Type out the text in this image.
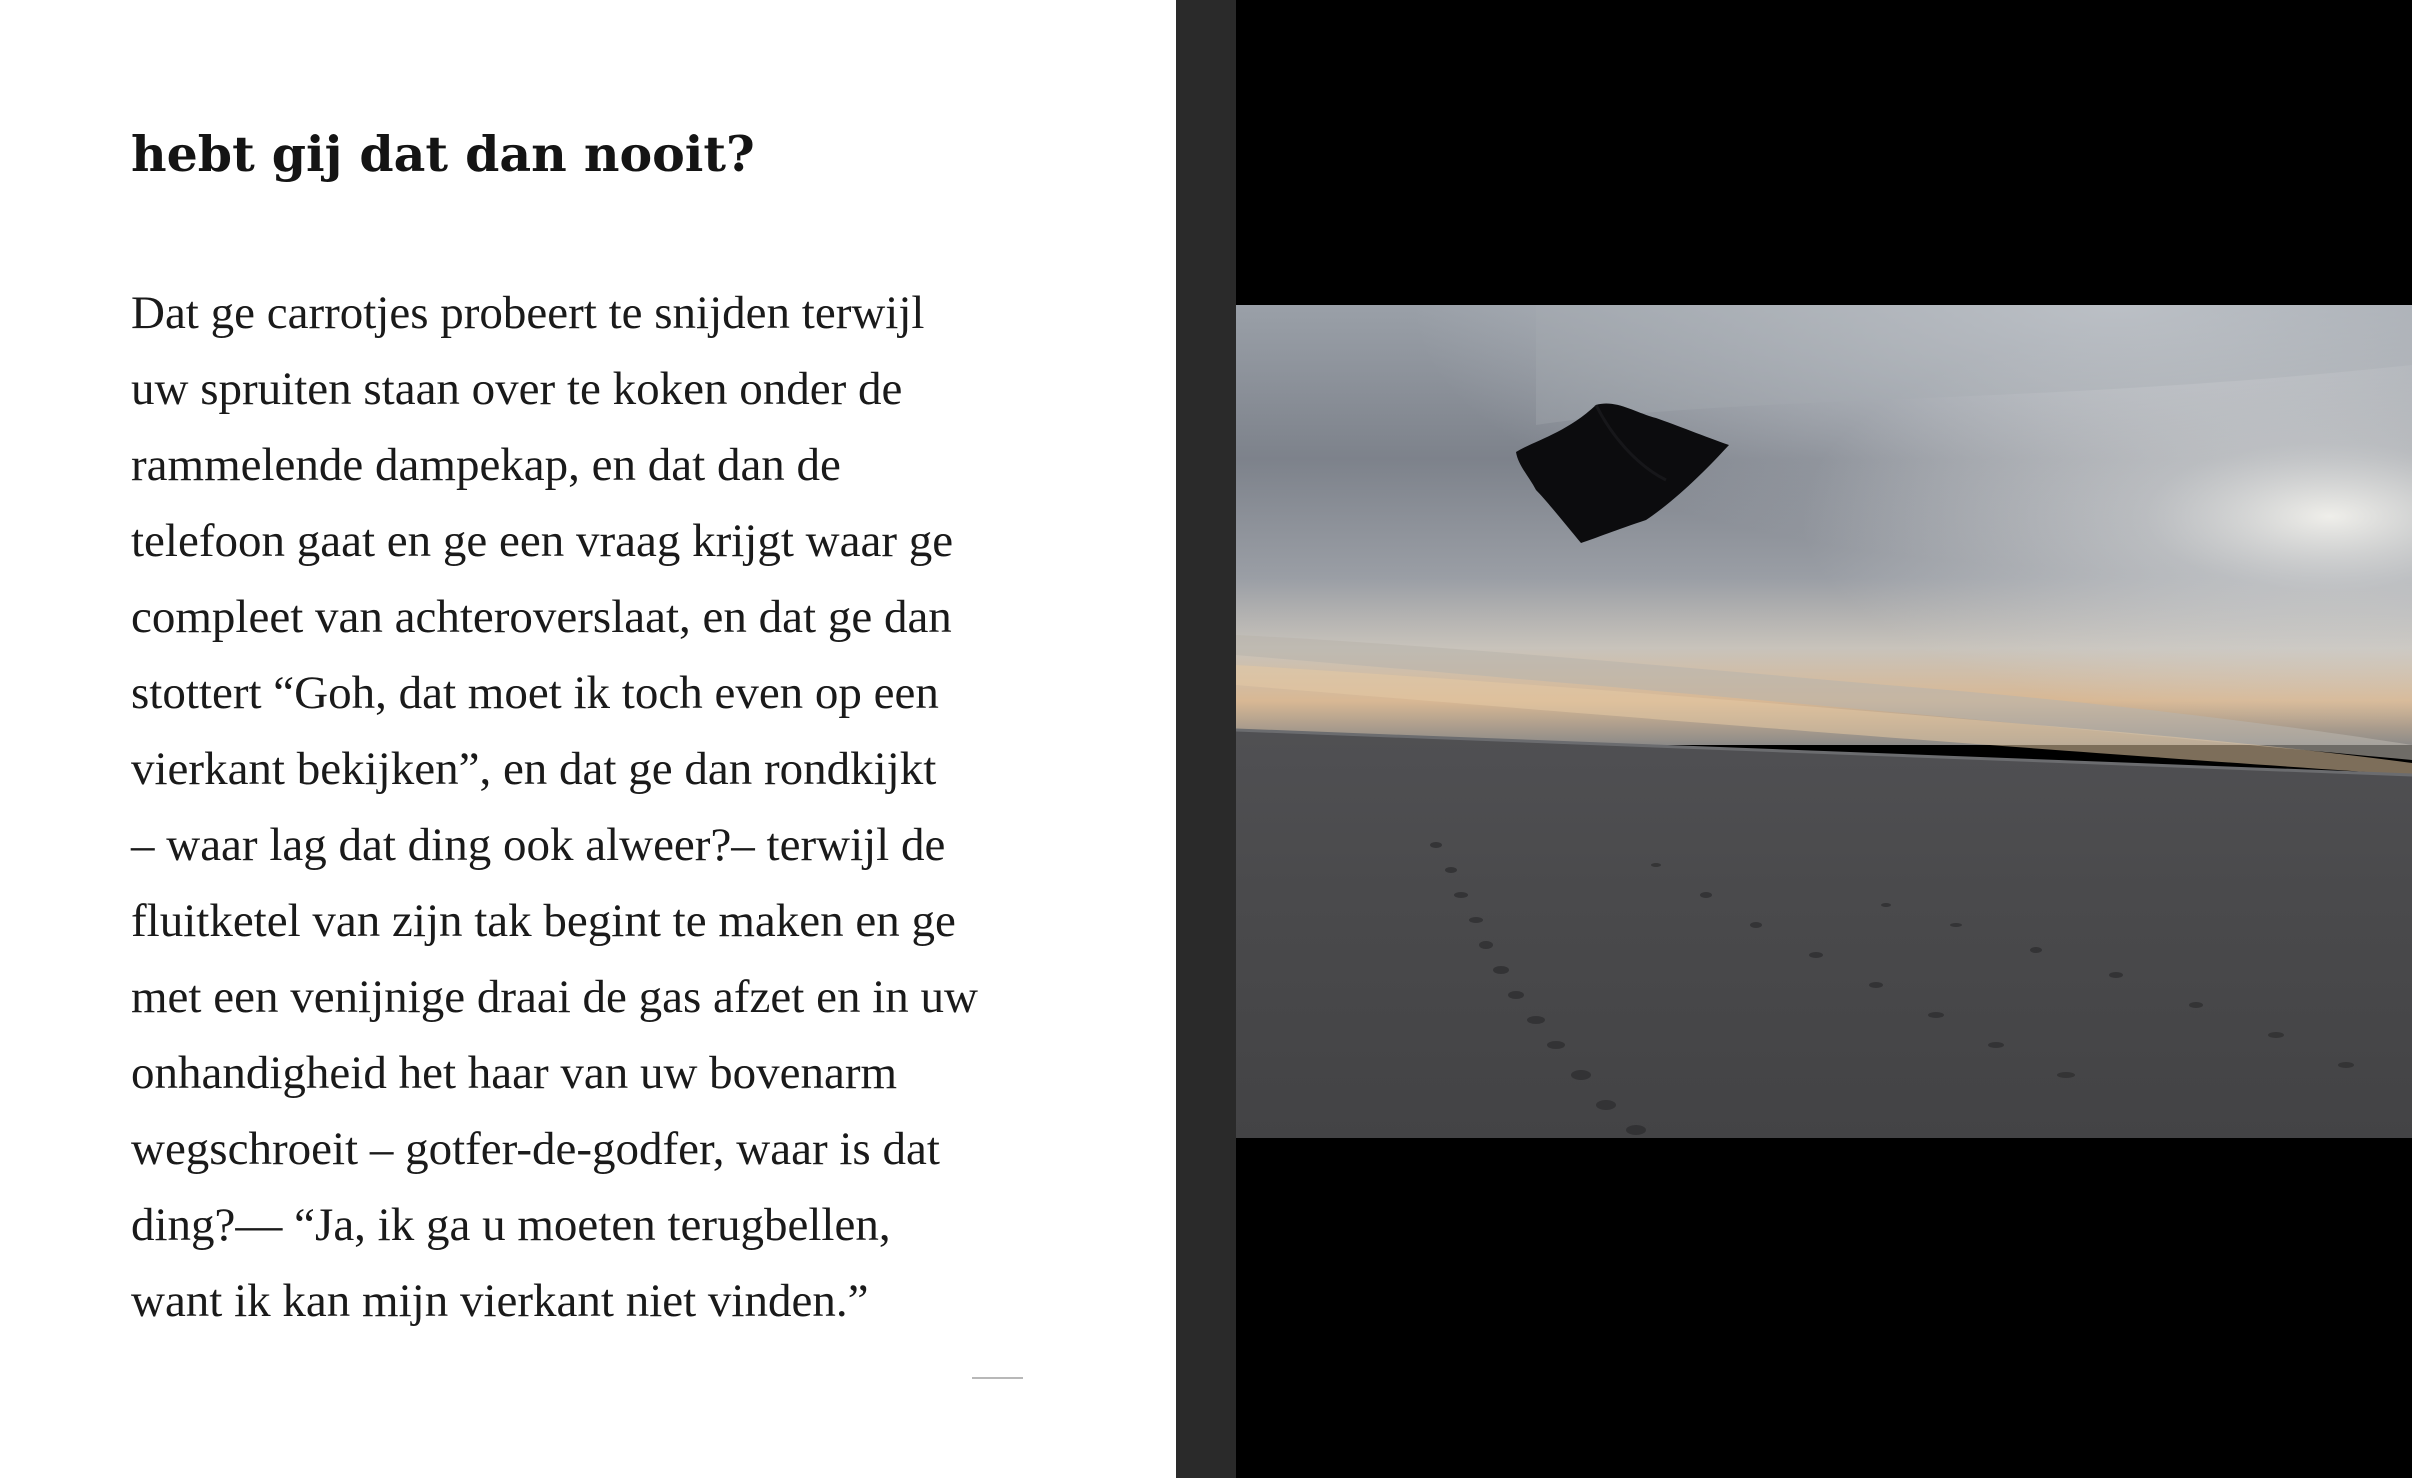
hebt gij dat dan nooit?

Dat ge carrotjes probeert te snijden terwijl
uw spruiten staan over te koken onder de
rammelende dampekap, en dat dan de
telefoon gaat en ge een vraag krijgt waar ge
compleet van achteroverslaat, en dat ge dan
stottert “Goh, dat moet ik toch even op een
vierkant bekijken”, en dat ge dan rondkijkt
– waar lag dat ding ook alweer?– terwijl de
fluitketel van zijn tak begint te maken en ge
met een venijnige draai de gas afzet en in uw
onhandigheid het haar van uw bovenarm
wegschroeit – gotfer-de-godfer, waar is dat
ding?— “Ja, ik ga u moeten terugbellen,
want ik kan mijn vierkant niet vinden.”
